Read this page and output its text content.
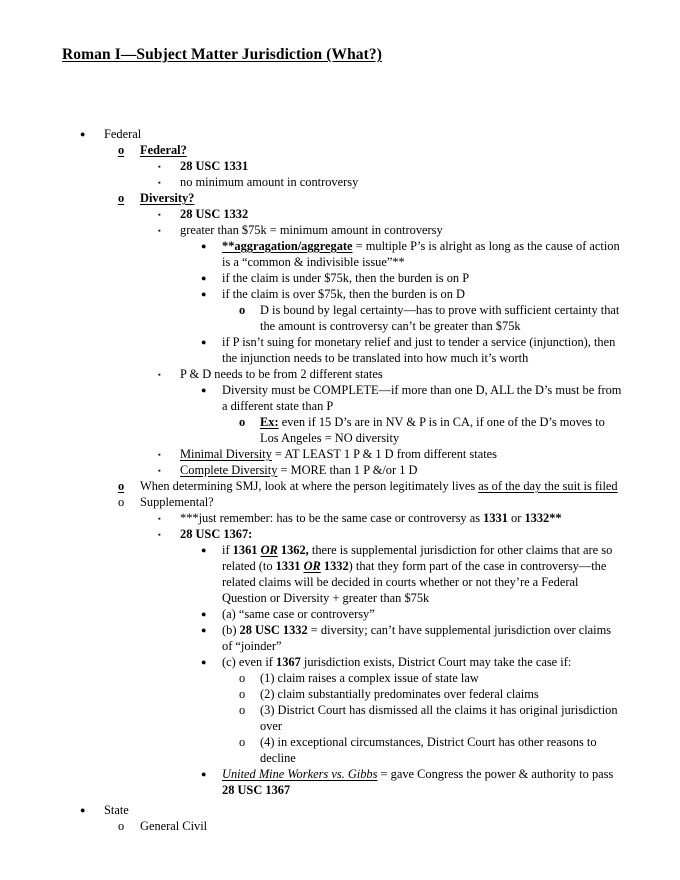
Roman I—Subject Matter Jurisdiction (What?)
● Federal
o Federal?
▪ 28 USC 1331
▪ no minimum amount in controversy
o Diversity?
▪ 28 USC 1332
▪ greater than $75k = minimum amount in controversy
● **aggragation/aggregate = multiple P’s is alright as long as the cause of action is a “common & indivisible issue”**
● if the claim is under $75k, then the burden is on P
● if the claim is over $75k, then the burden is on D
o D is bound by legal certainty—has to prove with sufficient certainty that the amount is controversy can’t be greater than $75k
● if P isn’t suing for monetary relief and just to tender a service (injunction), then the injunction needs to be translated into how much it’s worth
▪ P & D needs to be from 2 different states
● Diversity must be COMPLETE—if more than one D, ALL the D’s must be from a different state than P
o Ex: even if 15 D’s are in NV & P is in CA, if one of the D’s moves to Los Angeles = NO diversity
▪ Minimal Diversity = AT LEAST 1 P & 1 D from different states
▪ Complete Diversity = MORE than 1 P &/or 1 D
o When determining SMJ, look at where the person legitimately lives as of the day the suit is filed
o Supplemental?
▪ ***just remember: has to be the same case or controversy as 1331 or 1332**
▪ 28 USC 1367:
● if 1361 OR 1362, there is supplemental jurisdiction for other claims that are so related (to 1331 OR 1332) that they form part of the case in controversy—the related claims will be decided in courts whether or not they’re a Federal Question or Diversity + greater than $75k
● (a) “same case or controversy”
● (b) 28 USC 1332 = diversity; can’t have supplemental jurisdiction over claims of “joinder”
● (c) even if 1367 jurisdiction exists, District Court may take the case if:
o (1) claim raises a complex issue of state law
o (2) claim substantially predominates over federal claims
o (3) District Court has dismissed all the claims it has original jurisdiction over
o (4) in exceptional circumstances, District Court has other reasons to decline
● United Mine Workers vs. Gibbs = gave Congress the power & authority to pass 28 USC 1367
● State
o General Civil
